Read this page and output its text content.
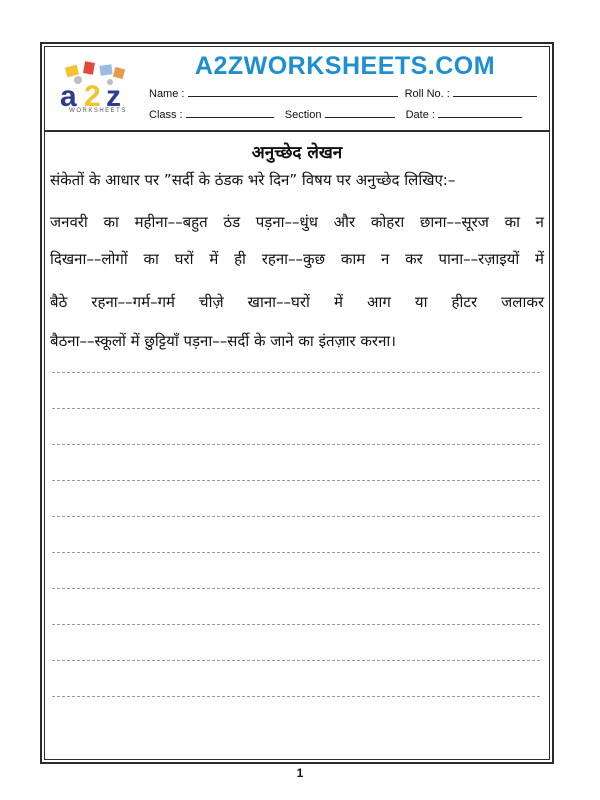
a 2 z
WORKSHEETS
A2ZWORKSHEETS.COM
Name :	Roll No. :
Class :	Section	Date :
अनुच्छेद लेखन
संकेतों के आधार पर ”सर्दी के ठंडक भरे दिन” विषय पर अनुच्छेद लिखिए:–
जनवरी का महीना––बहुत ठंड पड़ना––धुंध और कोहरा छाना––सूरज का न
दिखना––लोगों का घरों में ही रहना––कुछ काम न कर पाना––रज़ाइयों में
बैठे रहना––गर्म–गर्म चीज़े खाना––घरों में आग या हीटर जलाकर
बैठना––स्कूलों में छुट्टियाँ पड़ना––सर्दी के जाने का इंतज़ार करना।
1
